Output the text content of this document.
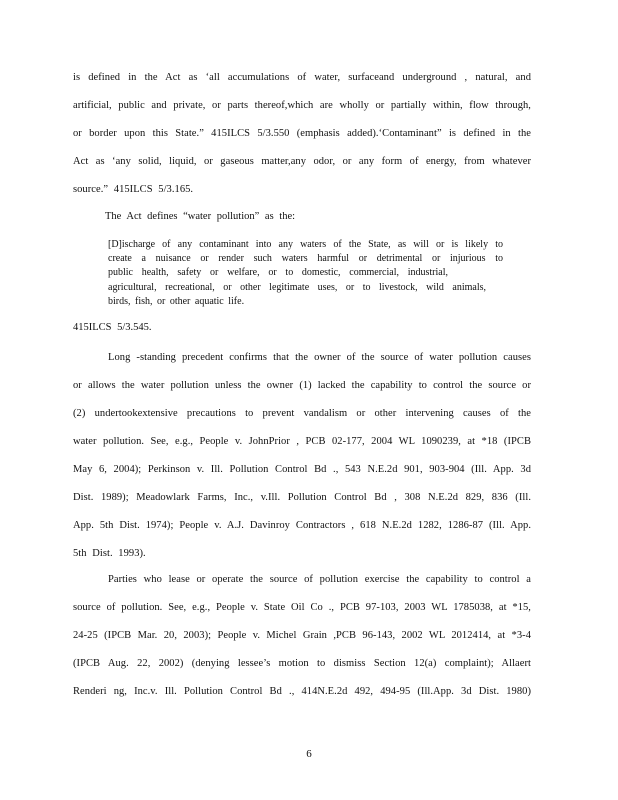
is defined in the Act as ‘all accumulations of water, surfaceand underground , natural, and
artificial, public and private, or parts thereof,which are wholly or partially within, flow through,
or border upon this State.” 415ILCS 5/3.550 (emphasis added).‘Contaminant” is defined in the
Act as ‘any solid, liquid, or gaseous matter,any odor, or any form of energy, from whatever
source.” 415ILCS 5/3.165.
The Act defines “water pollution” as the:
[D]ischarge of any contaminant into any waters of the State, as will or is likely to
create a nuisance or render such waters harmful or detrimental or injurious to
public health, safety or welfare, or to domestic, commercial, industrial,
agricultural, recreational, or other legitimate uses, or to livestock, wild animals,
birds, fish, or other aquatic life.
415ILCS 5/3.545.
Long -standing precedent confirms that the owner of the source of water pollution causes
or allows the water pollution unless the owner (1) lacked the capability to control the source or
(2) undertookextensive precautions to prevent vandalism or other intervening causes of the
water pollution. See, e.g., People v. JohnPrior , PCB 02-177, 2004 WL 1090239, at *18 (IPCB
May 6, 2004); Perkinson v. Ill. Pollution Control Bd ., 543 N.E.2d 901, 903-904 (Ill. App. 3d
Dist. 1989); Meadowlark Farms, Inc., v.Ill. Pollution Control Bd , 308 N.E.2d 829, 836 (Ill.
App. 5th Dist. 1974); People v. A.J. Davinroy Contractors , 618 N.E.2d 1282, 1286-87 (Ill. App.
5th Dist. 1993).
Parties who lease or operate the source of pollution exercise the capability to control a
source of pollution. See, e.g., People v. State Oil Co ., PCB 97-103, 2003 WL 1785038, at *15,
24-25 (IPCB Mar. 20, 2003); People v. Michel Grain ,PCB 96-143, 2002 WL 2012414, at *3-4
(IPCB Aug. 22, 2002) (denying lessee’s motion to dismiss Section 12(a) complaint); Allaert
Renderi ng, Inc.v. Ill. Pollution Control Bd ., 414N.E.2d 492, 494-95 (Ill.App. 3d Dist. 1980)
6
